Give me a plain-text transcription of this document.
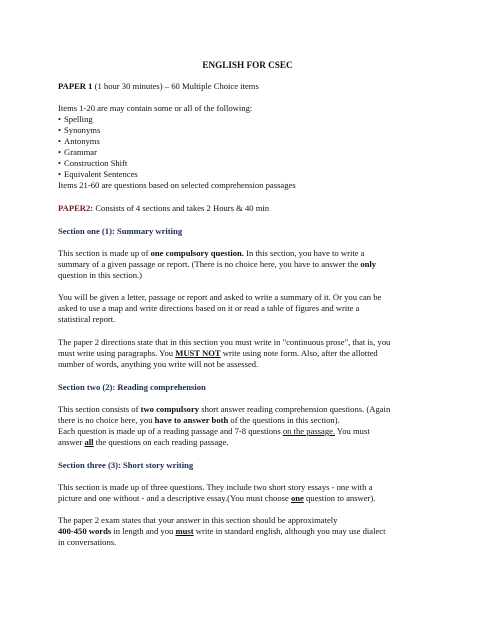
ENGLISH FOR CSEC
PAPER 1 (1 hour 30 minutes) – 60 Multiple Choice items
Items 1-20 are may contain some or all of the following:
• Spelling
• Synonyms
• Antonyms
• Grammar
• Construction Shift
• Equivalent Sentences
Items 21-60 are questions based on selected comprehension passages
PAPER2: Consists of 4 sections and takes 2 Hours & 40 min
Section one (1): Summary writing
This section is made up of one compulsory question. In this section, you have to write a
summary of a given passage or report. (There is no choice here, you have to answer the only
question in this section.)
You will be given a letter, passage or report and asked to write a summary of it. Or you can be
asked to use a map and write directions based on it or read a table of figures and write a
statistical report.
The paper 2 directions state that in this section you must write in "continuous prose", that is, you
must write using paragraphs. You MUST NOT write using note form. Also, after the allotted
number of words, anything you write will not be assessed.
Section two (2): Reading comprehension
This section consists of two compulsory short answer reading comprehension questions. (Again
there is no choice here, you have to answer both of the questions in this section).
Each question is made up of a reading passage and 7-8 questions on the passage. You must
answer all the questions on each reading passage.
Section three (3): Short story writing
This section is made up of three questions. They include two short story essays - one with a
picture and one without - and a descriptive essay.(You must choose one question to answer).
The paper 2 exam states that your answer in this section should be approximately
400-450 words in length and you must write in standard english, although you may use dialect
in conversations.
